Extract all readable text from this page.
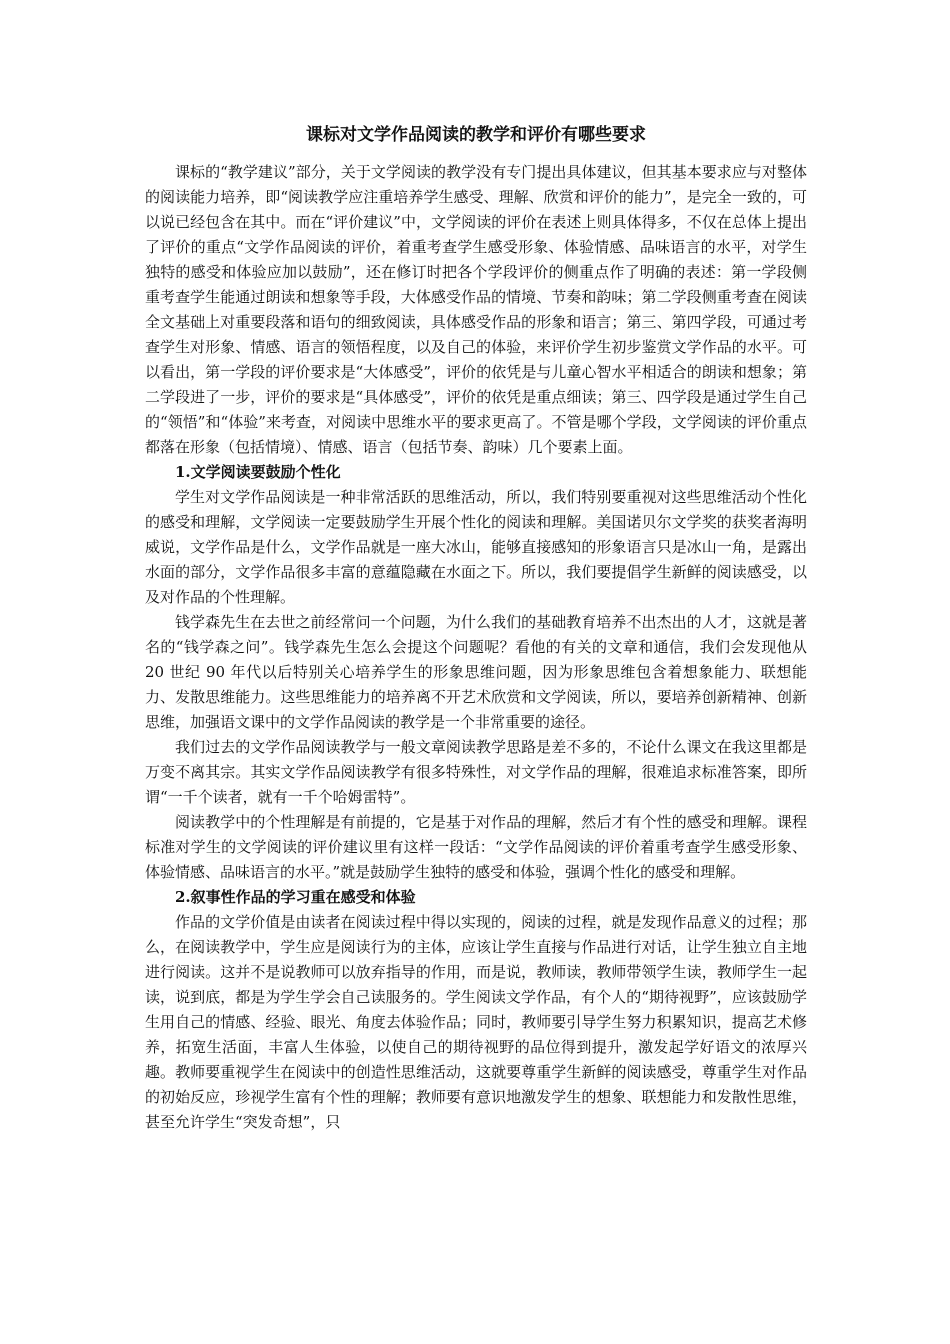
课标对文学作品阅读的教学和评价有哪些要求

课标的“教学建议”部分，关于文学阅读的教学没有专门提出具体建议，但其基本要求应与对整体的阅读能力培养，即“阅读教学应注重培养学生感受、理解、欣赏和评价的能力”，是完全一致的，可以说已经包含在其中。而在“评价建议”中，文学阅读的评价在表述上则具体得多，不仅在总体上提出了评价的重点“文学作品阅读的评价，着重考查学生感受形象、体验情感、品味语言的水平，对学生独特的感受和体验应加以鼓励”，还在修订时把各个学段评价的侧重点作了明确的表述：第一学段侧重考查学生能通过朗读和想象等手段，大体感受作品的情境、节奏和韵味；第二学段侧重考查在阅读全文基础上对重要段落和语句的细致阅读，具体感受作品的形象和语言；第三、第四学段，可通过考查学生对形象、情感、语言的领悟程度，以及自己的体验，来评价学生初步鉴赏文学作品的水平。可以看出，第一学段的评价要求是“大体感受”，评价的依凭是与儿童心智水平相适合的朗读和想象；第二学段进了一步，评价的要求是“具体感受”，评价的依凭是重点细读；第三、四学段是通过学生自己的“领悟”和“体验”来考查，对阅读中思维水平的要求更高了。不管是哪个学段，文学阅读的评价重点都落在形象（包括情境）、情感、语言（包括节奏、韵味）几个要素上面。

1.文学阅读要鼓励个性化

学生对文学作品阅读是一种非常活跃的思维活动，所以，我们特别要重视对这些思维活动个性化的感受和理解，文学阅读一定要鼓励学生开展个性化的阅读和理解。美国诺贝尔文学奖的获奖者海明威说，文学作品是什么，文学作品就是一座大冰山，能够直接感知的形象语言只是冰山一角，是露出水面的部分，文学作品很多丰富的意蕴隐藏在水面之下。所以，我们要提倡学生新鲜的阅读感受，以及对作品的个性理解。

钱学森先生在去世之前经常问一个问题，为什么我们的基础教育培养不出杰出的人才，这就是著名的“钱学森之问”。钱学森先生怎么会提这个问题呢？看他的有关的文章和通信，我们会发现他从 20 世纪 90 年代以后特别关心培养学生的形象思维问题，因为形象思维包含着想象能力、联想能力、发散思维能力。这些思维能力的培养离不开艺术欣赏和文学阅读，所以，要培养创新精神、创新思维，加强语文课中的文学作品阅读的教学是一个非常重要的途径。

我们过去的文学作品阅读教学与一般文章阅读教学思路是差不多的，不论什么课文在我这里都是万变不离其宗。其实文学作品阅读教学有很多特殊性，对文学作品的理解，很难追求标准答案，即所谓“一千个读者，就有一千个哈姆雷特”。

阅读教学中的个性理解是有前提的，它是基于对作品的理解，然后才有个性的感受和理解。课程标准对学生的文学阅读的评价建议里有这样一段话：“文学作品阅读的评价着重考查学生感受形象、体验情感、品味语言的水平。”就是鼓励学生独特的感受和体验，强调个性化的感受和理解。

2.叙事性作品的学习重在感受和体验

作品的文学价值是由读者在阅读过程中得以实现的，阅读的过程，就是发现作品意义的过程；那么，在阅读教学中，学生应是阅读行为的主体，应该让学生直接与作品进行对话，让学生独立自主地进行阅读。这并不是说教师可以放弃指导的作用，而是说，教师读，教师带领学生读，教师学生一起读，说到底，都是为学生学会自己读服务的。学生阅读文学作品，有个人的“期待视野”，应该鼓励学生用自己的情感、经验、眼光、角度去体验作品；同时，教师要引导学生努力积累知识，提高艺术修养，拓宽生活面，丰富人生体验，以使自己的期待视野的品位得到提升，激发起学好语文的浓厚兴趣。教师要重视学生在阅读中的创造性思维活动，这就要尊重学生新鲜的阅读感受，尊重学生对作品的初始反应，珍视学生富有个性的理解；教师要有意识地激发学生的想象、联想能力和发散性思维，甚至允许学生“突发奇想”，只
